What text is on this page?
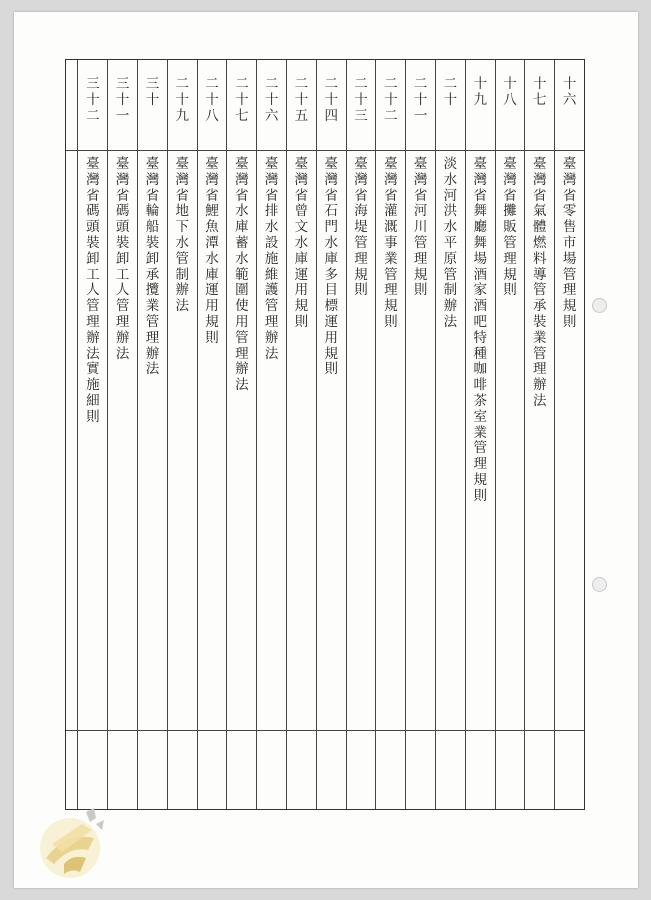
十
六
臺
灣
省
零
售
市
場
管
理
規
則
十
七
臺
灣
省
氣
體
燃
料
導
管
承
裝
業
管
理
辦
法
十
八
臺
灣
省
攤
販
管
理
規
則
十
九
臺
灣
省
舞
廳
舞
場
酒
家
酒
吧
特
種
咖
啡
茶
室
業
管
理
規
則
二
十
淡
水
河
洪
水
平
原
管
制
辦
法
二
十
一
臺
灣
省
河
川
管
理
規
則
二
十
二
臺
灣
省
灌
溉
事
業
管
理
規
則
二
十
三
臺
灣
省
海
堤
管
理
規
則
二
十
四
臺
灣
省
石
門
水
庫
多
目
標
運
用
規
則
二
十
五
臺
灣
省
曾
文
水
庫
運
用
規
則
二
十
六
臺
灣
省
排
水
設
施
維
護
管
理
辦
法
二
十
七
臺
灣
省
水
庫
蓄
水
範
圍
使
用
管
理
辦
法
二
十
八
臺
灣
省
鯉
魚
潭
水
庫
運
用
規
則
二
十
九
臺
灣
省
地
下
水
管
制
辦
法
三
十
臺
灣
省
輪
船
裝
卸
承
攬
業
管
理
辦
法
三
十
一
臺
灣
省
碼
頭
裝
卸
工
人
管
理
辦
法
三
十
二
臺
灣
省
碼
頭
裝
卸
工
人
管
理
辦
法
實
施
細
則
